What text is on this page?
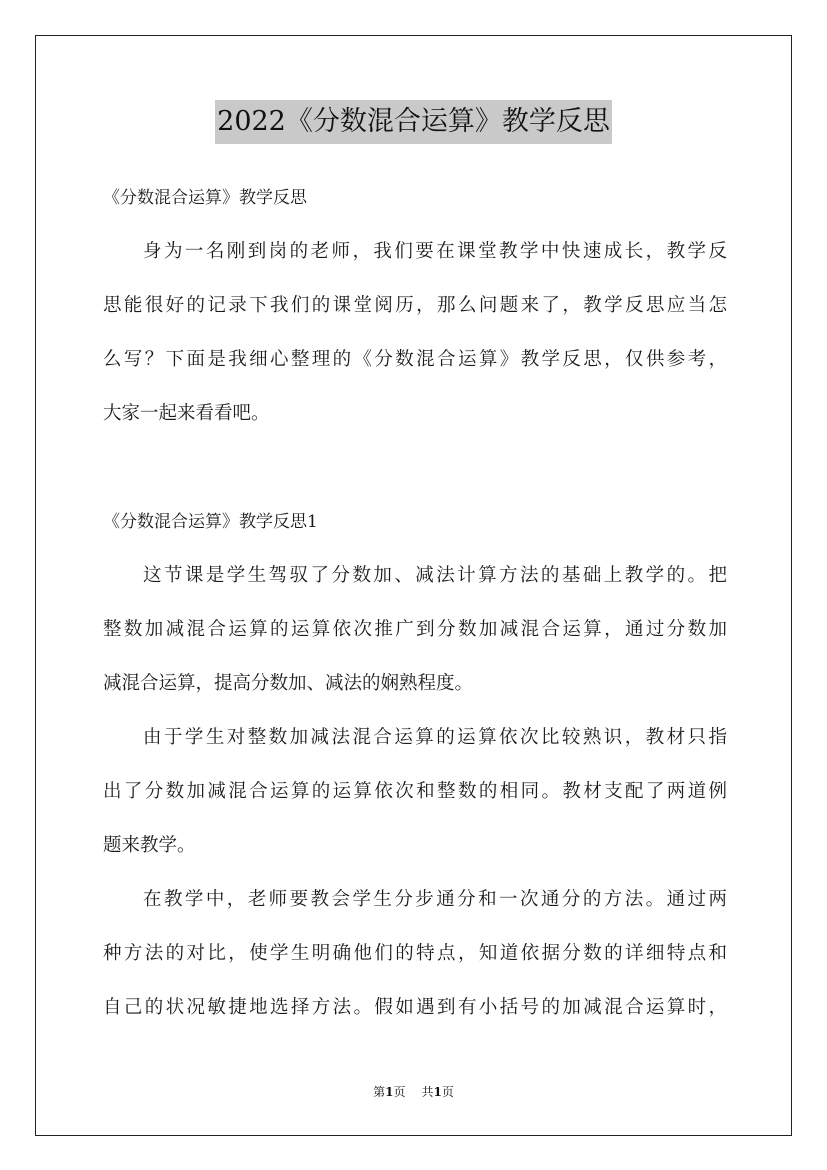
2022《分数混合运算》教学反思
《分数混合运算》教学反思
身为一名刚到岗的老师，我们要在课堂教学中快速成长，教学反
思能很好的记录下我们的课堂阅历，那么问题来了，教学反思应当怎
么写？下面是我细心整理的《分数混合运算》教学反思，仅供参考，
大家一起来看看吧。
《分数混合运算》教学反思1
这节课是学生驾驭了分数加、减法计算方法的基础上教学的。把
整数加减混合运算的运算依次推广到分数加减混合运算，通过分数加
减混合运算，提高分数加、减法的娴熟程度。
由于学生对整数加减法混合运算的运算依次比较熟识，教材只指
出了分数加减混合运算的运算依次和整数的相同。教材支配了两道例
题来教学。
在教学中，老师要教会学生分步通分和一次通分的方法。通过两
种方法的对比，使学生明确他们的特点，知道依据分数的详细特点和
自己的状况敏捷地选择方法。假如遇到有小括号的加减混合运算时，
第1页 共1页
